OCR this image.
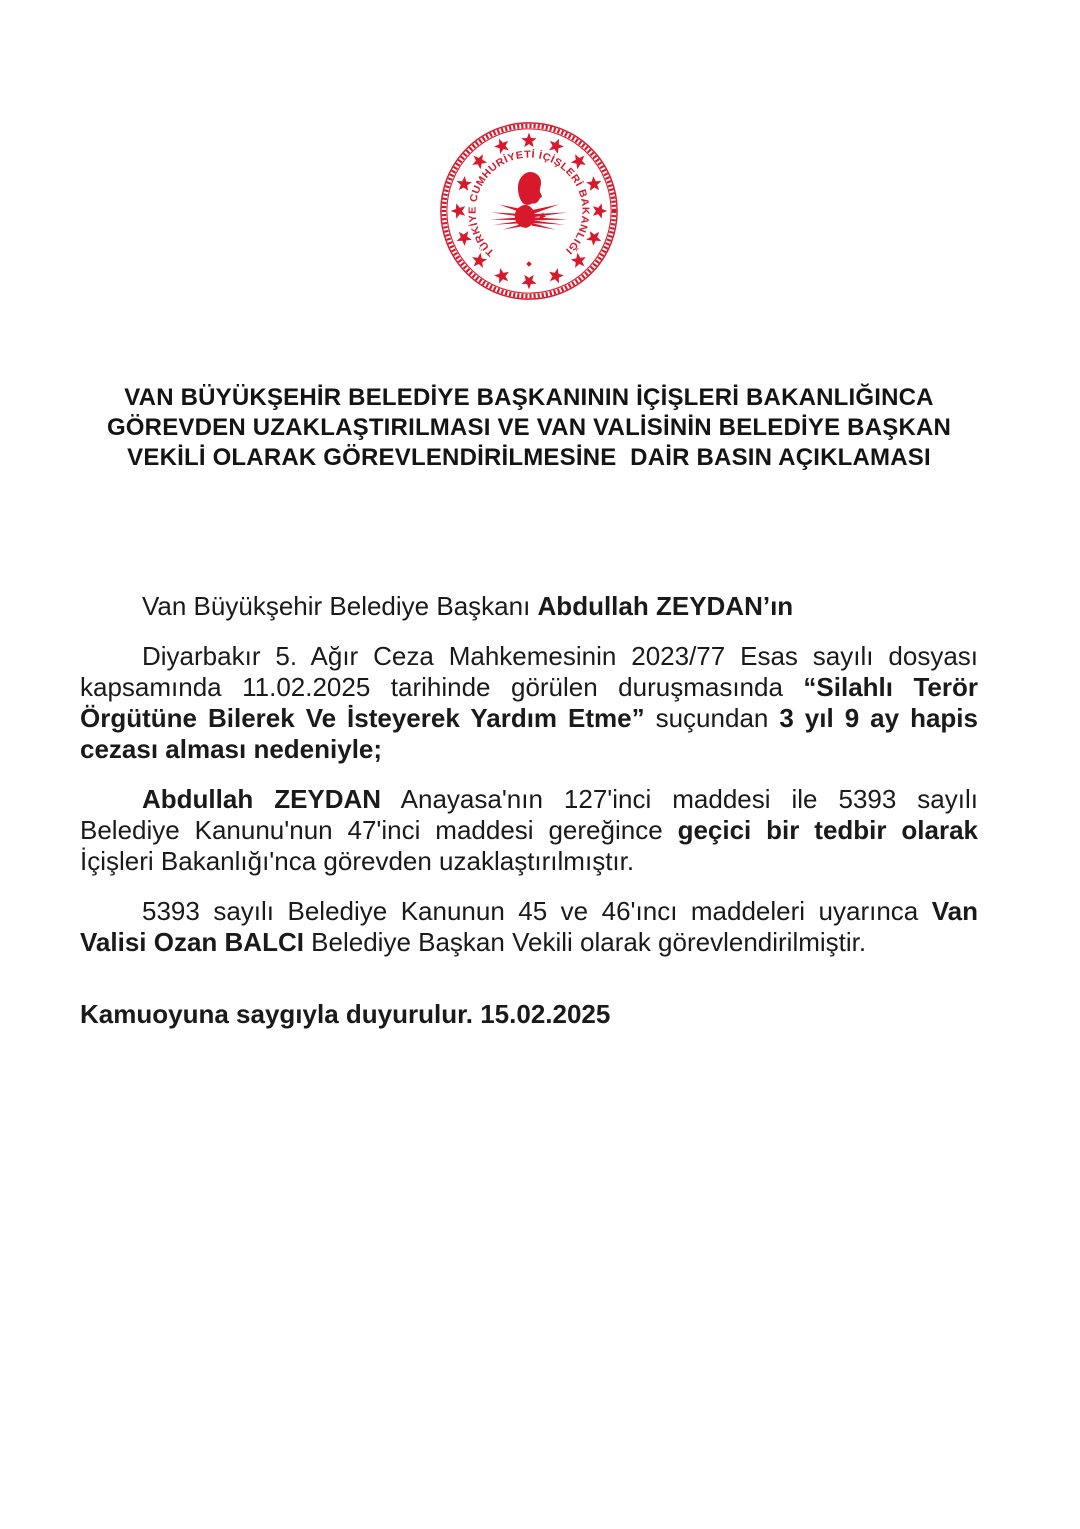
TÜRKİYE CUMHURİYETİ İÇİŞLERİ BAKANLIĞI
VAN BÜYÜKŞEHİR BELEDİYE BAŞKANININ İÇİŞLERİ BAKANLIĞINCA
GÖREVDEN UZAKLAŞTIRILMASI VE VAN VALİSİNİN BELEDİYE BAŞKAN
VEKİLİ OLARAK GÖREVLENDİRİLMESİNE  DAİR BASIN AÇIKLAMASI

Van Büyükşehir Belediye Başkanı Abdullah ZEYDAN’ın

Diyarbakır 5. Ağır Ceza Mahkemesinin 2023/77 Esas sayılı dosyası kapsamında 11.02.2025 tarihinde görülen duruşmasında “Silahlı Terör Örgütüne Bilerek Ve İsteyerek Yardım Etme” suçundan 3 yıl 9 ay hapis cezası alması nedeniyle;

Abdullah ZEYDAN Anayasa'nın 127'inci maddesi ile 5393 sayılı Belediye Kanunu'nun 47'inci maddesi gereğince geçici bir tedbir olarak İçişleri Bakanlığı'nca görevden uzaklaştırılmıştır.

5393 sayılı Belediye Kanunun 45 ve 46'ıncı maddeleri uyarınca Van Valisi Ozan BALCI Belediye Başkan Vekili olarak görevlendirilmiştir.

Kamuoyuna saygıyla duyurulur. 15.02.2025
